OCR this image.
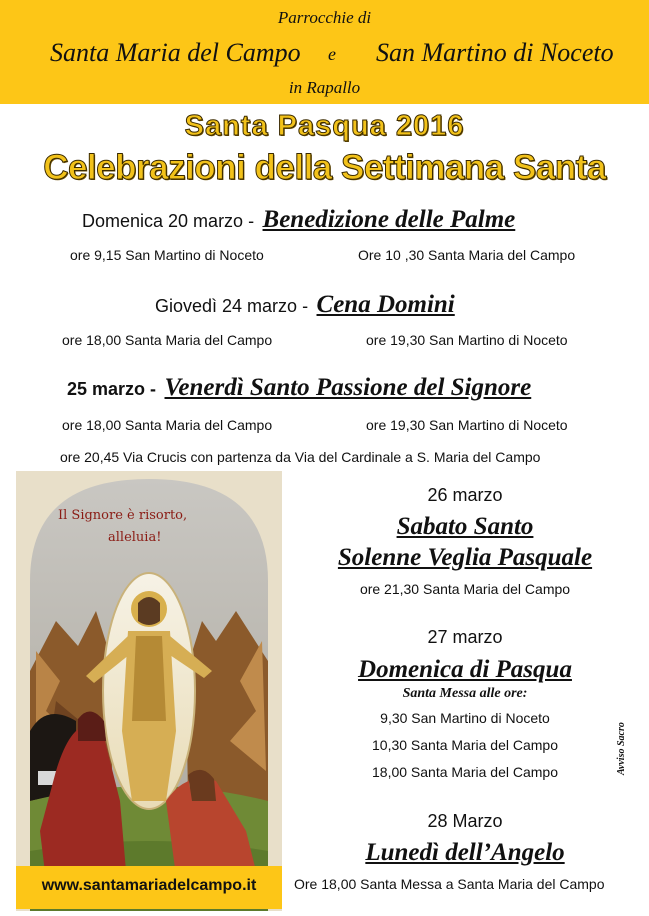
Parrocchie di
Santa Maria del Campo e San Martino di Noceto
in Rapallo
Santa Pasqua 2016
Celebrazioni della Settimana Santa
Domenica 20 marzo - Benedizione delle Palme
ore 9,15 San Martino di Noceto	Ore 10 ,30 Santa Maria del Campo
Giovedì 24 marzo - Cena Domini
ore 18,00 Santa Maria del Campo	ore 19,30 San Martino di Noceto
25 marzo - Venerdì Santo Passione del Signore
ore 18,00 Santa Maria del Campo	ore 19,30 San Martino di Noceto
ore 20,45 Via Crucis con partenza da Via del Cardinale a S. Maria del Campo
Il Signore è risorto,
alleluia!
www.santamariadelcampo.it
26 marzo
Sabato Santo
Solenne Veglia Pasquale
ore 21,30 Santa Maria del Campo
27 marzo
Domenica di Pasqua
Santa Messa alle ore:
9,30 San Martino di Noceto
10,30 Santa Maria del Campo
18,00 Santa Maria del Campo
28 Marzo
Lunedì dell’Angelo
Ore 18,00 Santa Messa a Santa Maria del Campo
Avviso Sacro
